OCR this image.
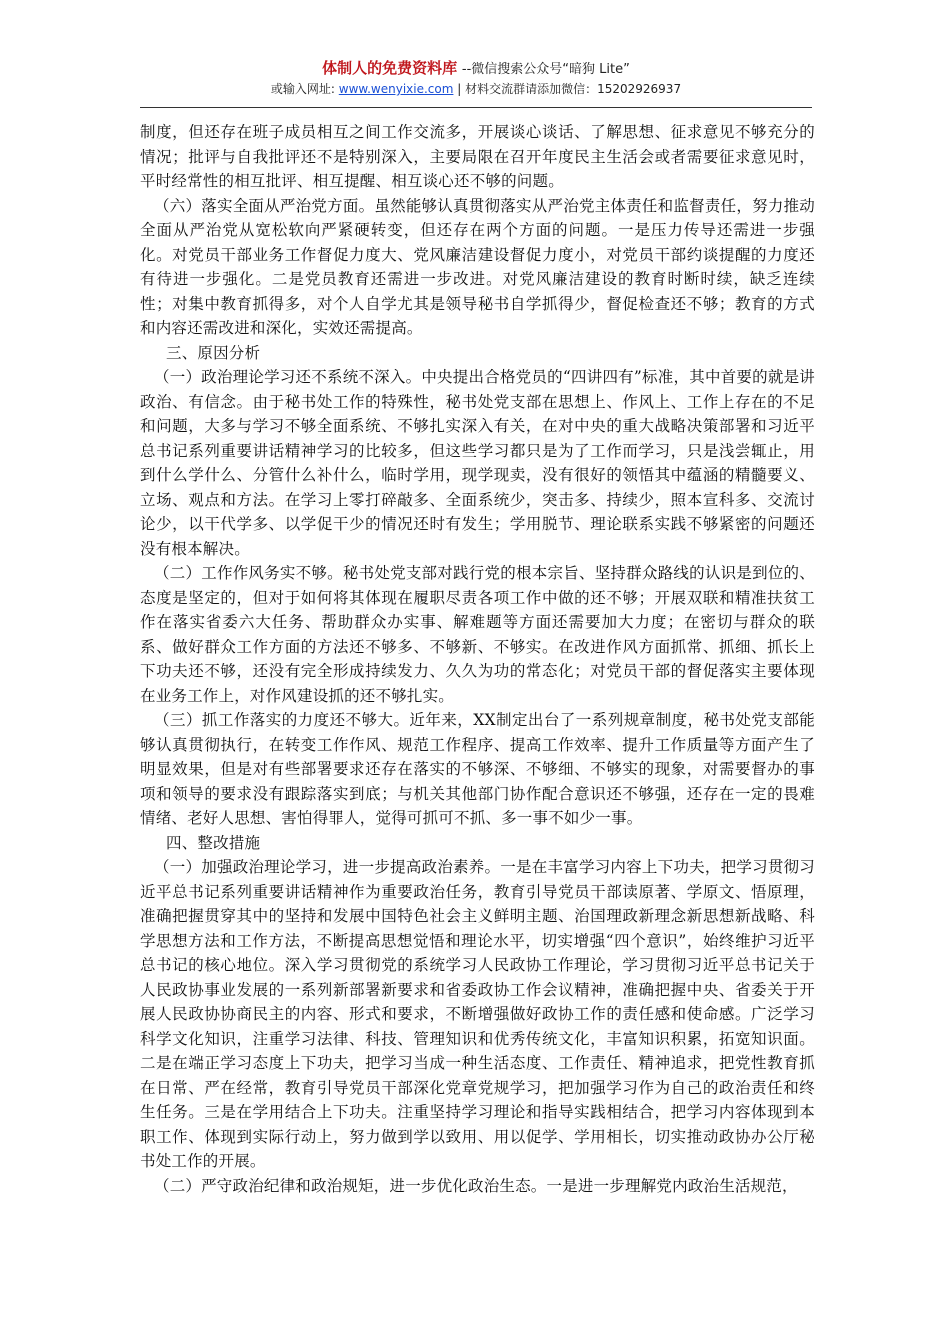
体制人的免费资料库 --微信搜索公众号“暗狗 Lite”
或输入网址: www.wenyixie.com | 材料交流群请添加微信：15202926937

制度，但还存在班子成员相互之间工作交流多，开展谈心谈话、了解思想、征求意见不够充分的情况；批评与自我批评还不是特别深入，主要局限在召开年度民主生活会或者需要征求意见时，平时经常性的相互批评、相互提醒、相互谈心还不够的问题。

（六）落实全面从严治党方面。虽然能够认真贯彻落实从严治党主体责任和监督责任，努力推动全面从严治党从宽松软向严紧硬转变，但还存在两个方面的问题。一是压力传导还需进一步强化。对党员干部业务工作督促力度大、党风廉洁建设督促力度小，对党员干部约谈提醒的力度还有待进一步强化。二是党员教育还需进一步改进。对党风廉洁建设的教育时断时续，缺乏连续性；对集中教育抓得多，对个人自学尤其是领导秘书自学抓得少，督促检查还不够；教育的方式和内容还需改进和深化，实效还需提高。

三、原因分析

（一）政治理论学习还不系统不深入。中央提出合格党员的“四讲四有”标准，其中首要的就是讲政治、有信念。由于秘书处工作的特殊性，秘书处党支部在思想上、作风上、工作上存在的不足和问题，大多与学习不够全面系统、不够扎实深入有关，在对中央的重大战略决策部署和习近平总书记系列重要讲话精神学习的比较多，但这些学习都只是为了工作而学习，只是浅尝辄止，用到什么学什么、分管什么补什么，临时学用，现学现卖，没有很好的领悟其中蕴涵的精髓要义、立场、观点和方法。在学习上零打碎敲多、全面系统少，突击多、持续少，照本宣科多、交流讨论少，以干代学多、以学促干少的情况还时有发生；学用脱节、理论联系实践不够紧密的问题还没有根本解决。

（二）工作作风务实不够。秘书处党支部对践行党的根本宗旨、坚持群众路线的认识是到位的、态度是坚定的，但对于如何将其体现在履职尽责各项工作中做的还不够；开展双联和精准扶贫工作在落实省委六大任务、帮助群众办实事、解难题等方面还需要加大力度；在密切与群众的联系、做好群众工作方面的方法还不够多、不够新、不够实。在改进作风方面抓常、抓细、抓长上下功夫还不够，还没有完全形成持续发力、久久为功的常态化；对党员干部的督促落实主要体现在业务工作上，对作风建设抓的还不够扎实。

（三）抓工作落实的力度还不够大。近年来，XX制定出台了一系列规章制度，秘书处党支部能够认真贯彻执行，在转变工作作风、规范工作程序、提高工作效率、提升工作质量等方面产生了明显效果，但是对有些部署要求还存在落实的不够深、不够细、不够实的现象，对需要督办的事项和领导的要求没有跟踪落实到底；与机关其他部门协作配合意识还不够强，还存在一定的畏难情绪、老好人思想、害怕得罪人，觉得可抓可不抓、多一事不如少一事。

四、整改措施

（一）加强政治理论学习，进一步提高政治素养。一是在丰富学习内容上下功夫，把学习贯彻习近平总书记系列重要讲话精神作为重要政治任务，教育引导党员干部读原著、学原文、悟原理，准确把握贯穿其中的坚持和发展中国特色社会主义鲜明主题、治国理政新理念新思想新战略、科学思想方法和工作方法，不断提高思想觉悟和理论水平，切实增强“四个意识”，始终维护习近平总书记的核心地位。深入学习贯彻党的系统学习人民政协工作理论，学习贯彻习近平总书记关于人民政协事业发展的一系列新部署新要求和省委政协工作会议精神，准确把握中央、省委关于开展人民政协协商民主的内容、形式和要求，不断增强做好政协工作的责任感和使命感。广泛学习科学文化知识，注重学习法律、科技、管理知识和优秀传统文化，丰富知识积累，拓宽知识面。二是在端正学习态度上下功夫，把学习当成一种生活态度、工作责任、精神追求，把党性教育抓在日常、严在经常，教育引导党员干部深化党章党规学习，把加强学习作为自己的政治责任和终生任务。三是在学用结合上下功夫。注重坚持学习理论和指导实践相结合，把学习内容体现到本职工作、体现到实际行动上，努力做到学以致用、用以促学、学用相长，切实推动政协办公厅秘书处工作的开展。

（二）严守政治纪律和政治规矩，进一步优化政治生态。一是进一步理解党内政治生活规范，
